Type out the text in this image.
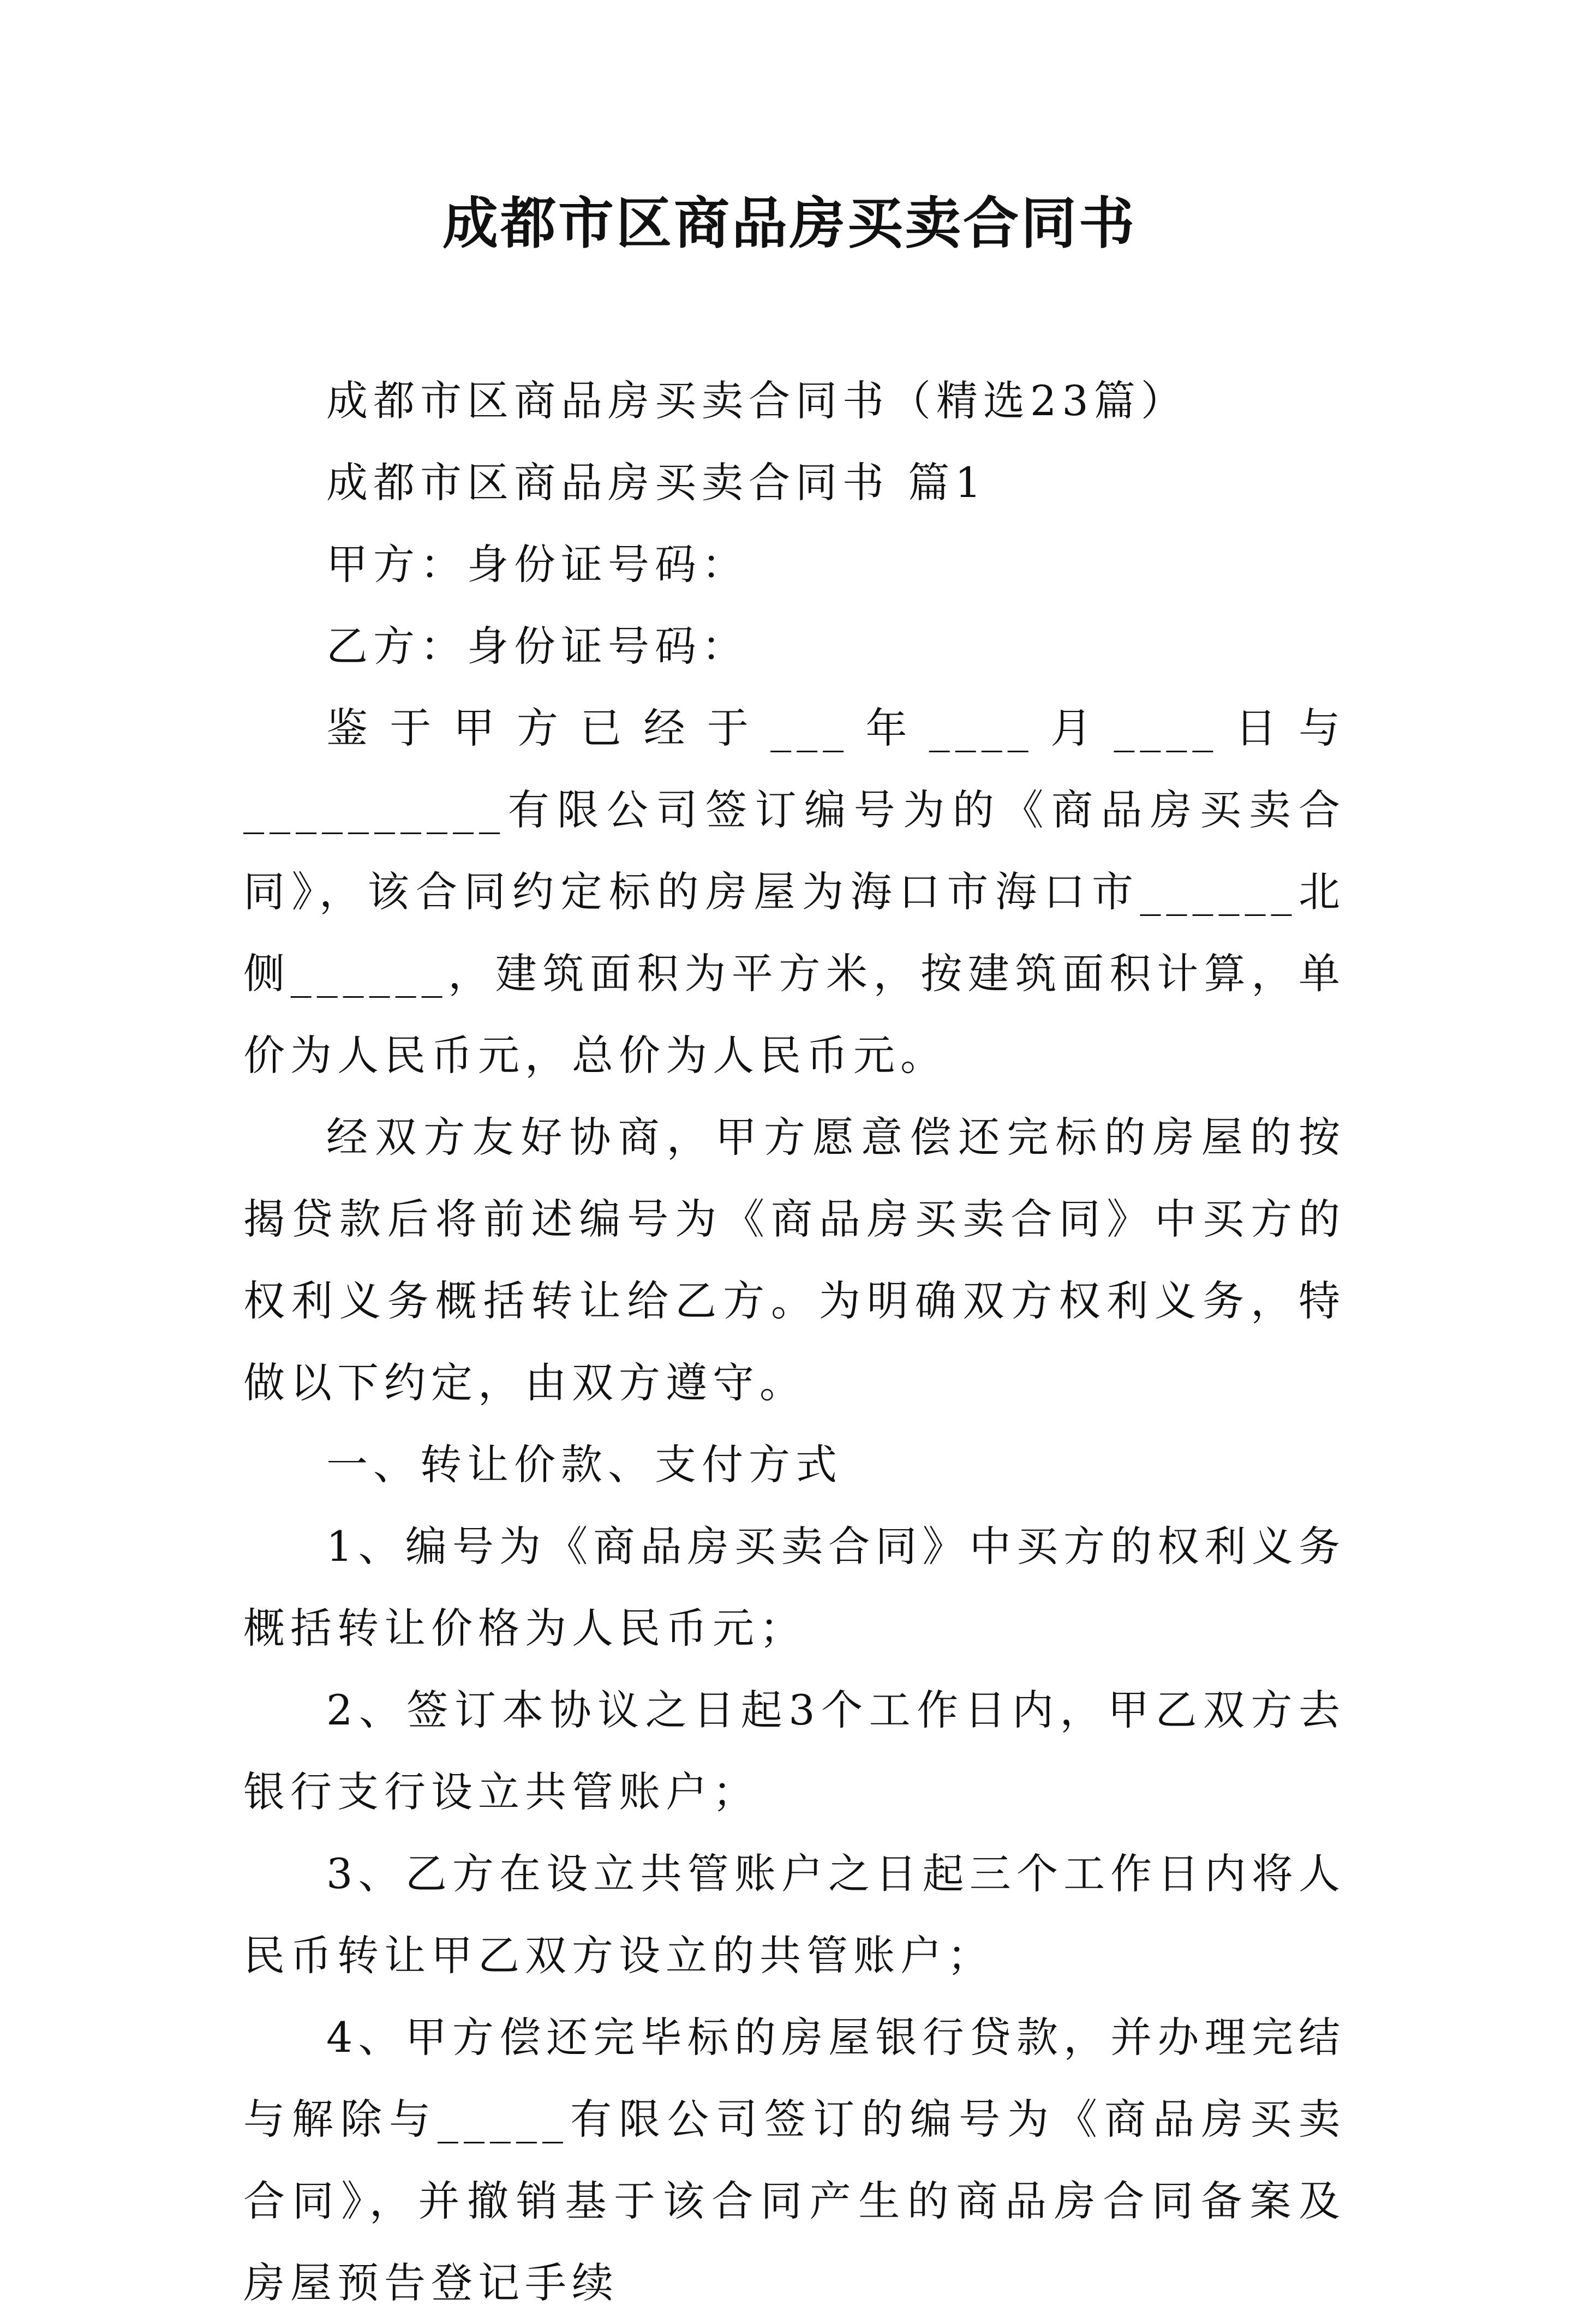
成都市区商品房买卖合同书

成都市区商品房买卖合同书（精选23篇）

成都市区商品房买卖合同书 篇1

甲方：身份证号码：

乙方：身份证号码：

鉴于甲方已经于___年____月____日与__________有限公司签订编号为的《商品房买卖合同》，该合同约定标的房屋为海口市海口市______北侧______，建筑面积为平方米，按建筑面积计算，单价为人民币元，总价为人民币元。

经双方友好协商，甲方愿意偿还完标的房屋的按揭贷款后将前述编号为《商品房买卖合同》中买方的权利义务概括转让给乙方。为明确双方权利义务，特做以下约定，由双方遵守。

一、转让价款、支付方式

1、编号为《商品房买卖合同》中买方的权利义务概括转让价格为人民币元；

2、签订本协议之日起3个工作日内，甲乙双方去银行支行设立共管账户；

3、乙方在设立共管账户之日起三个工作日内将人民币转让甲乙双方设立的共管账户；

4、甲方偿还完毕标的房屋银行贷款，并办理完结与解除与_____有限公司签订的编号为《商品房买卖合同》，并撤销基于该合同产生的商品房合同备案及房屋预告登记手续
